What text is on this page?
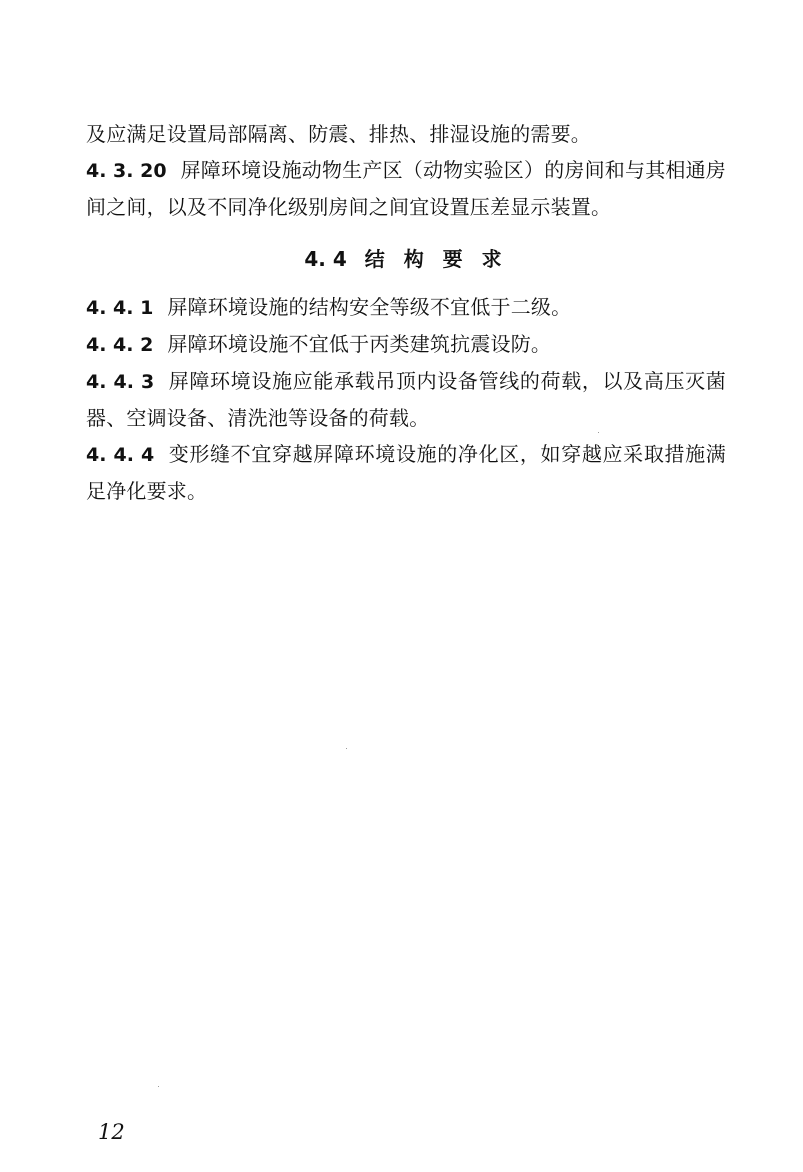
及应满足设置局部隔离、防震、排热、排湿设施的需要。

4. 3. 20 屏障环境设施动物生产区（动物实验区）的房间和与其相通房间之间，以及不同净化级别房间之间宜设置压差显示装置。

4. 4 结 构 要 求

4. 4. 1 屏障环境设施的结构安全等级不宜低于二级。

4. 4. 2 屏障环境设施不宜低于丙类建筑抗震设防。

4. 4. 3 屏障环境设施应能承载吊顶内设备管线的荷载，以及高压灭菌器、空调设备、清洗池等设备的荷载。

4. 4. 4 变形缝不宜穿越屏障环境设施的净化区，如穿越应采取措施满足净化要求。

12
